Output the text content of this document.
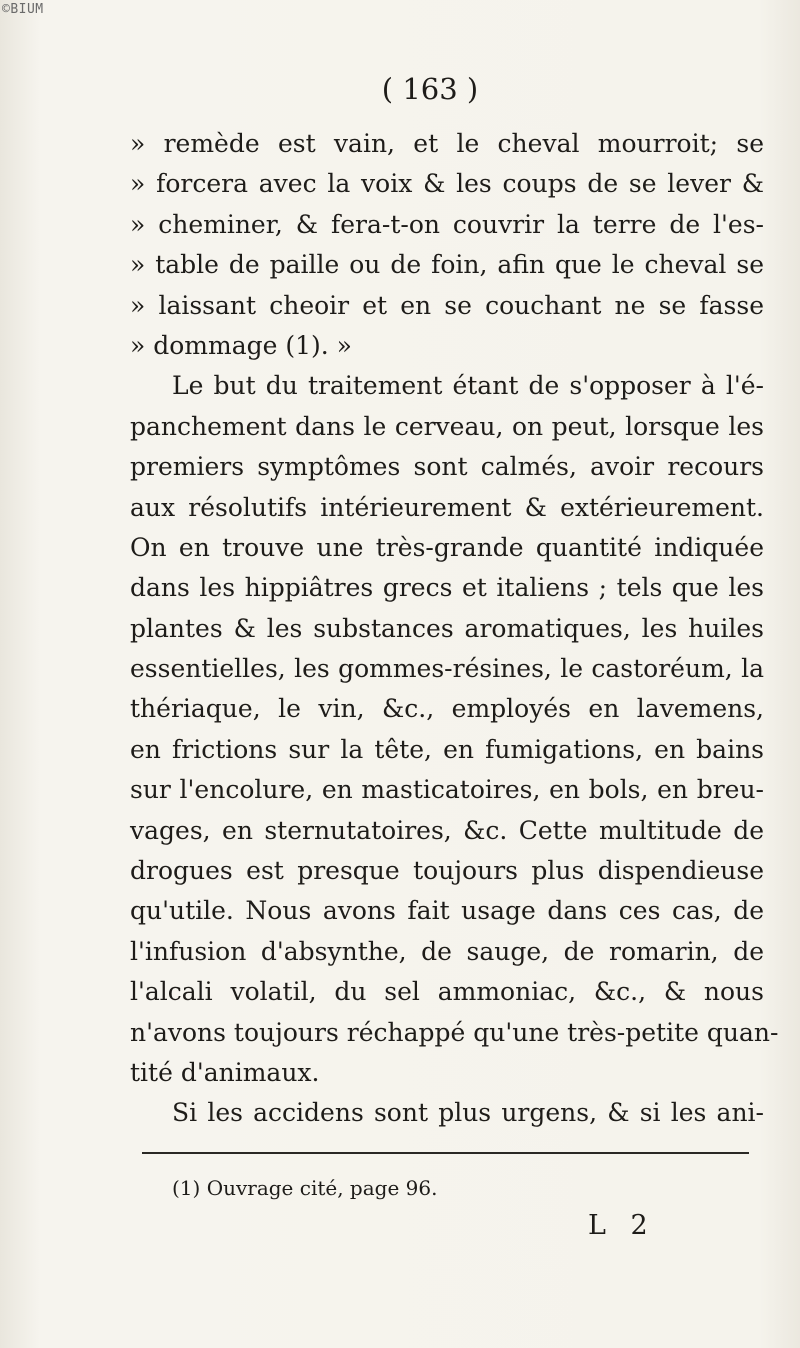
©BIUM
( 163 )
» remède est vain, et le cheval mourroit; se
» forcera avec la voix & les coups de se lever &
» cheminer, & fera-t-on couvrir la terre de l'es-
» table de paille ou de foin, afin que le cheval se
» laissant cheoir et en se couchant ne se fasse
» dommage (1). »
Le but du traitement étant de s'opposer à l'é-
panchement dans le cerveau, on peut, lorsque les
premiers symptômes sont calmés, avoir recours
aux résolutifs intérieurement & extérieurement.
On en trouve une très-grande quantité indiquée
dans les hippiâtres grecs et italiens ; tels que les
plantes & les substances aromatiques, les huiles
essentielles, les gommes-résines, le castoréum, la
thériaque, le vin, &c., employés en lavemens,
en frictions sur la tête, en fumigations, en bains
sur l'encolure, en masticatoires, en bols, en breu-
vages, en sternutatoires, &c. Cette multitude de
drogues est presque toujours plus dispendieuse
qu'utile. Nous avons fait usage dans ces cas, de
l'infusion d'absynthe, de sauge, de romarin, de
l'alcali volatil, du sel ammoniac, &c., & nous
n'avons toujours réchappé qu'une très-petite quan-
tité d'animaux.
Si les accidens sont plus urgens, & si les ani-
(1) Ouvrage cité, page 96.
L 2
